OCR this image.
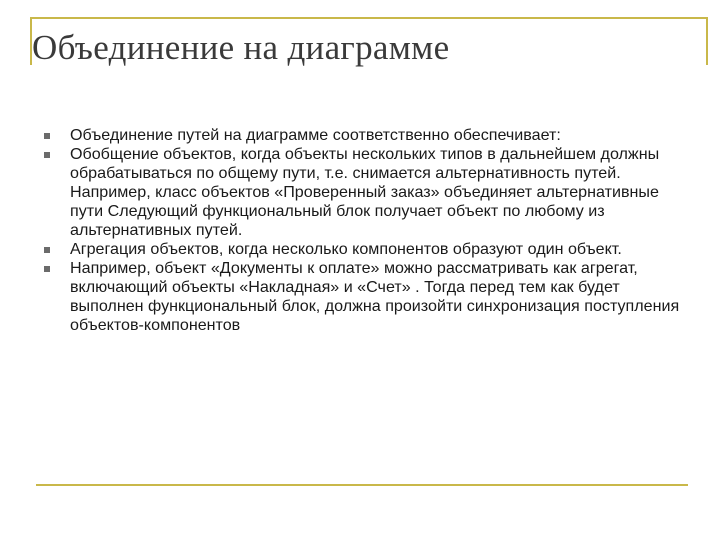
Объединение на диаграмме
Объединение путей на диаграмме соответственно обеспечивает:
Обобщение объектов, когда объекты нескольких типов в дальнейшем должны обрабатываться по общему пути, т.е. снимается альтернативность путей. Например, класс объектов «Проверенный заказ» объединяет альтернативные пути Следующий функциональный блок получает объект по любому из альтернативных путей.
Агрегация объектов, когда несколько компонентов образуют один объект.
Например, объект «Документы к оплате» можно рассматривать как агрегат, включающий объекты «Накладная» и «Счет» . Тогда перед тем как будет выполнен функциональный блок, должна произойти синхронизация поступления объектов-компонентов
